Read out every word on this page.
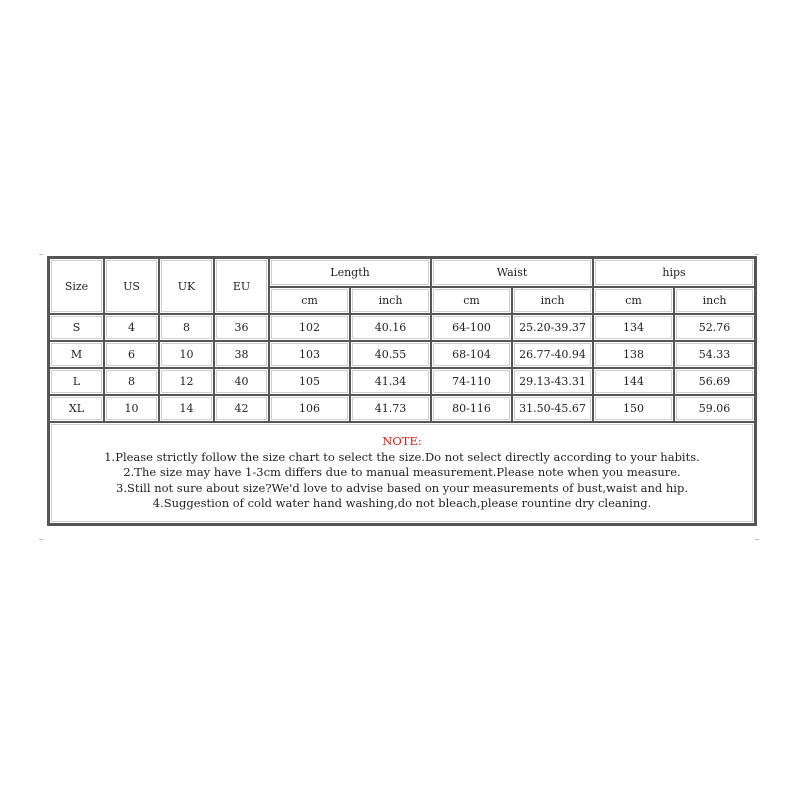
Size	US	UK	EU	Length		Waist		hips	
				cm	inch	cm	inch	cm	inch
S	4	8	36	102	40.16	64-100	25.20-39.37	134	52.76
M	6	10	38	103	40.55	68-104	26.77-40.94	138	54.33
L	8	12	40	105	41.34	74-110	29.13-43.31	144	56.69
XL	10	14	42	106	41.73	80-116	31.50-45.67	150	59.06

NOTE:
1.Please strictly follow the size chart to select the size.Do not select directly according to your habits.
2.The size may have 1-3cm differs due to manual measurement.Please note when you measure.
3.Still not sure about size?We'd love to advise based on your measurements of bust,waist and hip.
4.Suggestion of cold water hand washing,do not bleach,please rountine dry cleaning.									
